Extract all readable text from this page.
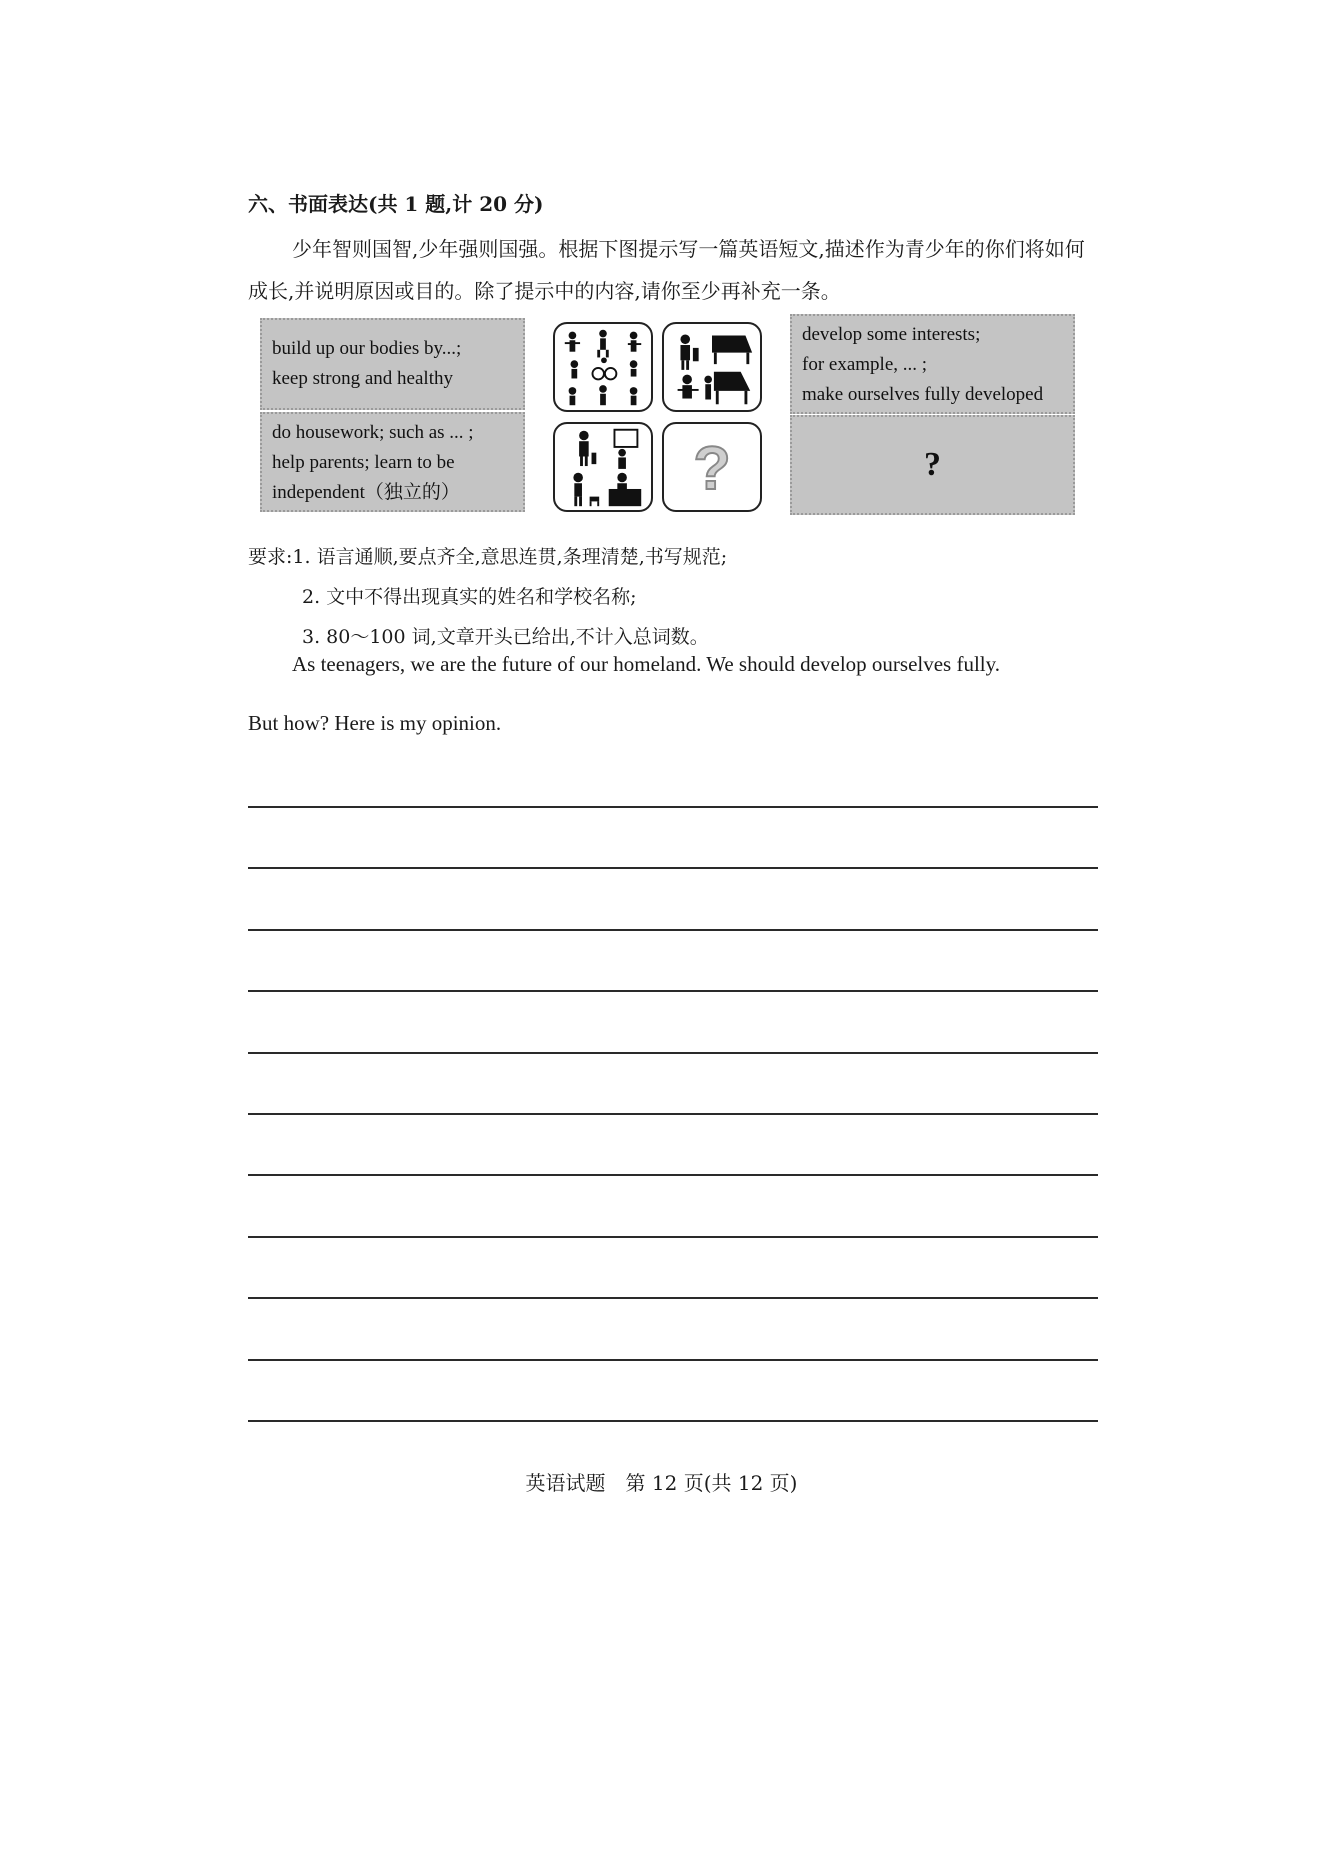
六、书面表达(共 1 题,计 20 分)
少年智则国智,少年强则国强。根据下图提示写一篇英语短文,描述作为青少年的你们将如何成长,并说明原因或目的。除了提示中的内容,请你至少再补充一条。
build up our bodies by...;
keep strong and healthy
develop some interests;
for example, ... ;
make ourselves fully developed
do housework; such as ... ;
help parents; learn to be
independent（独立的）	?	?
要求:1. 语言通顺,要点齐全,意思连贯,条理清楚,书写规范;
2. 文中不得出现真实的姓名和学校名称;
3. 80～100 词,文章开头已给出,不计入总词数。
As teenagers, we are the future of our homeland. We should develop ourselves fully.
But how? Here is my opinion.
英语试题　第 12 页(共 12 页)
